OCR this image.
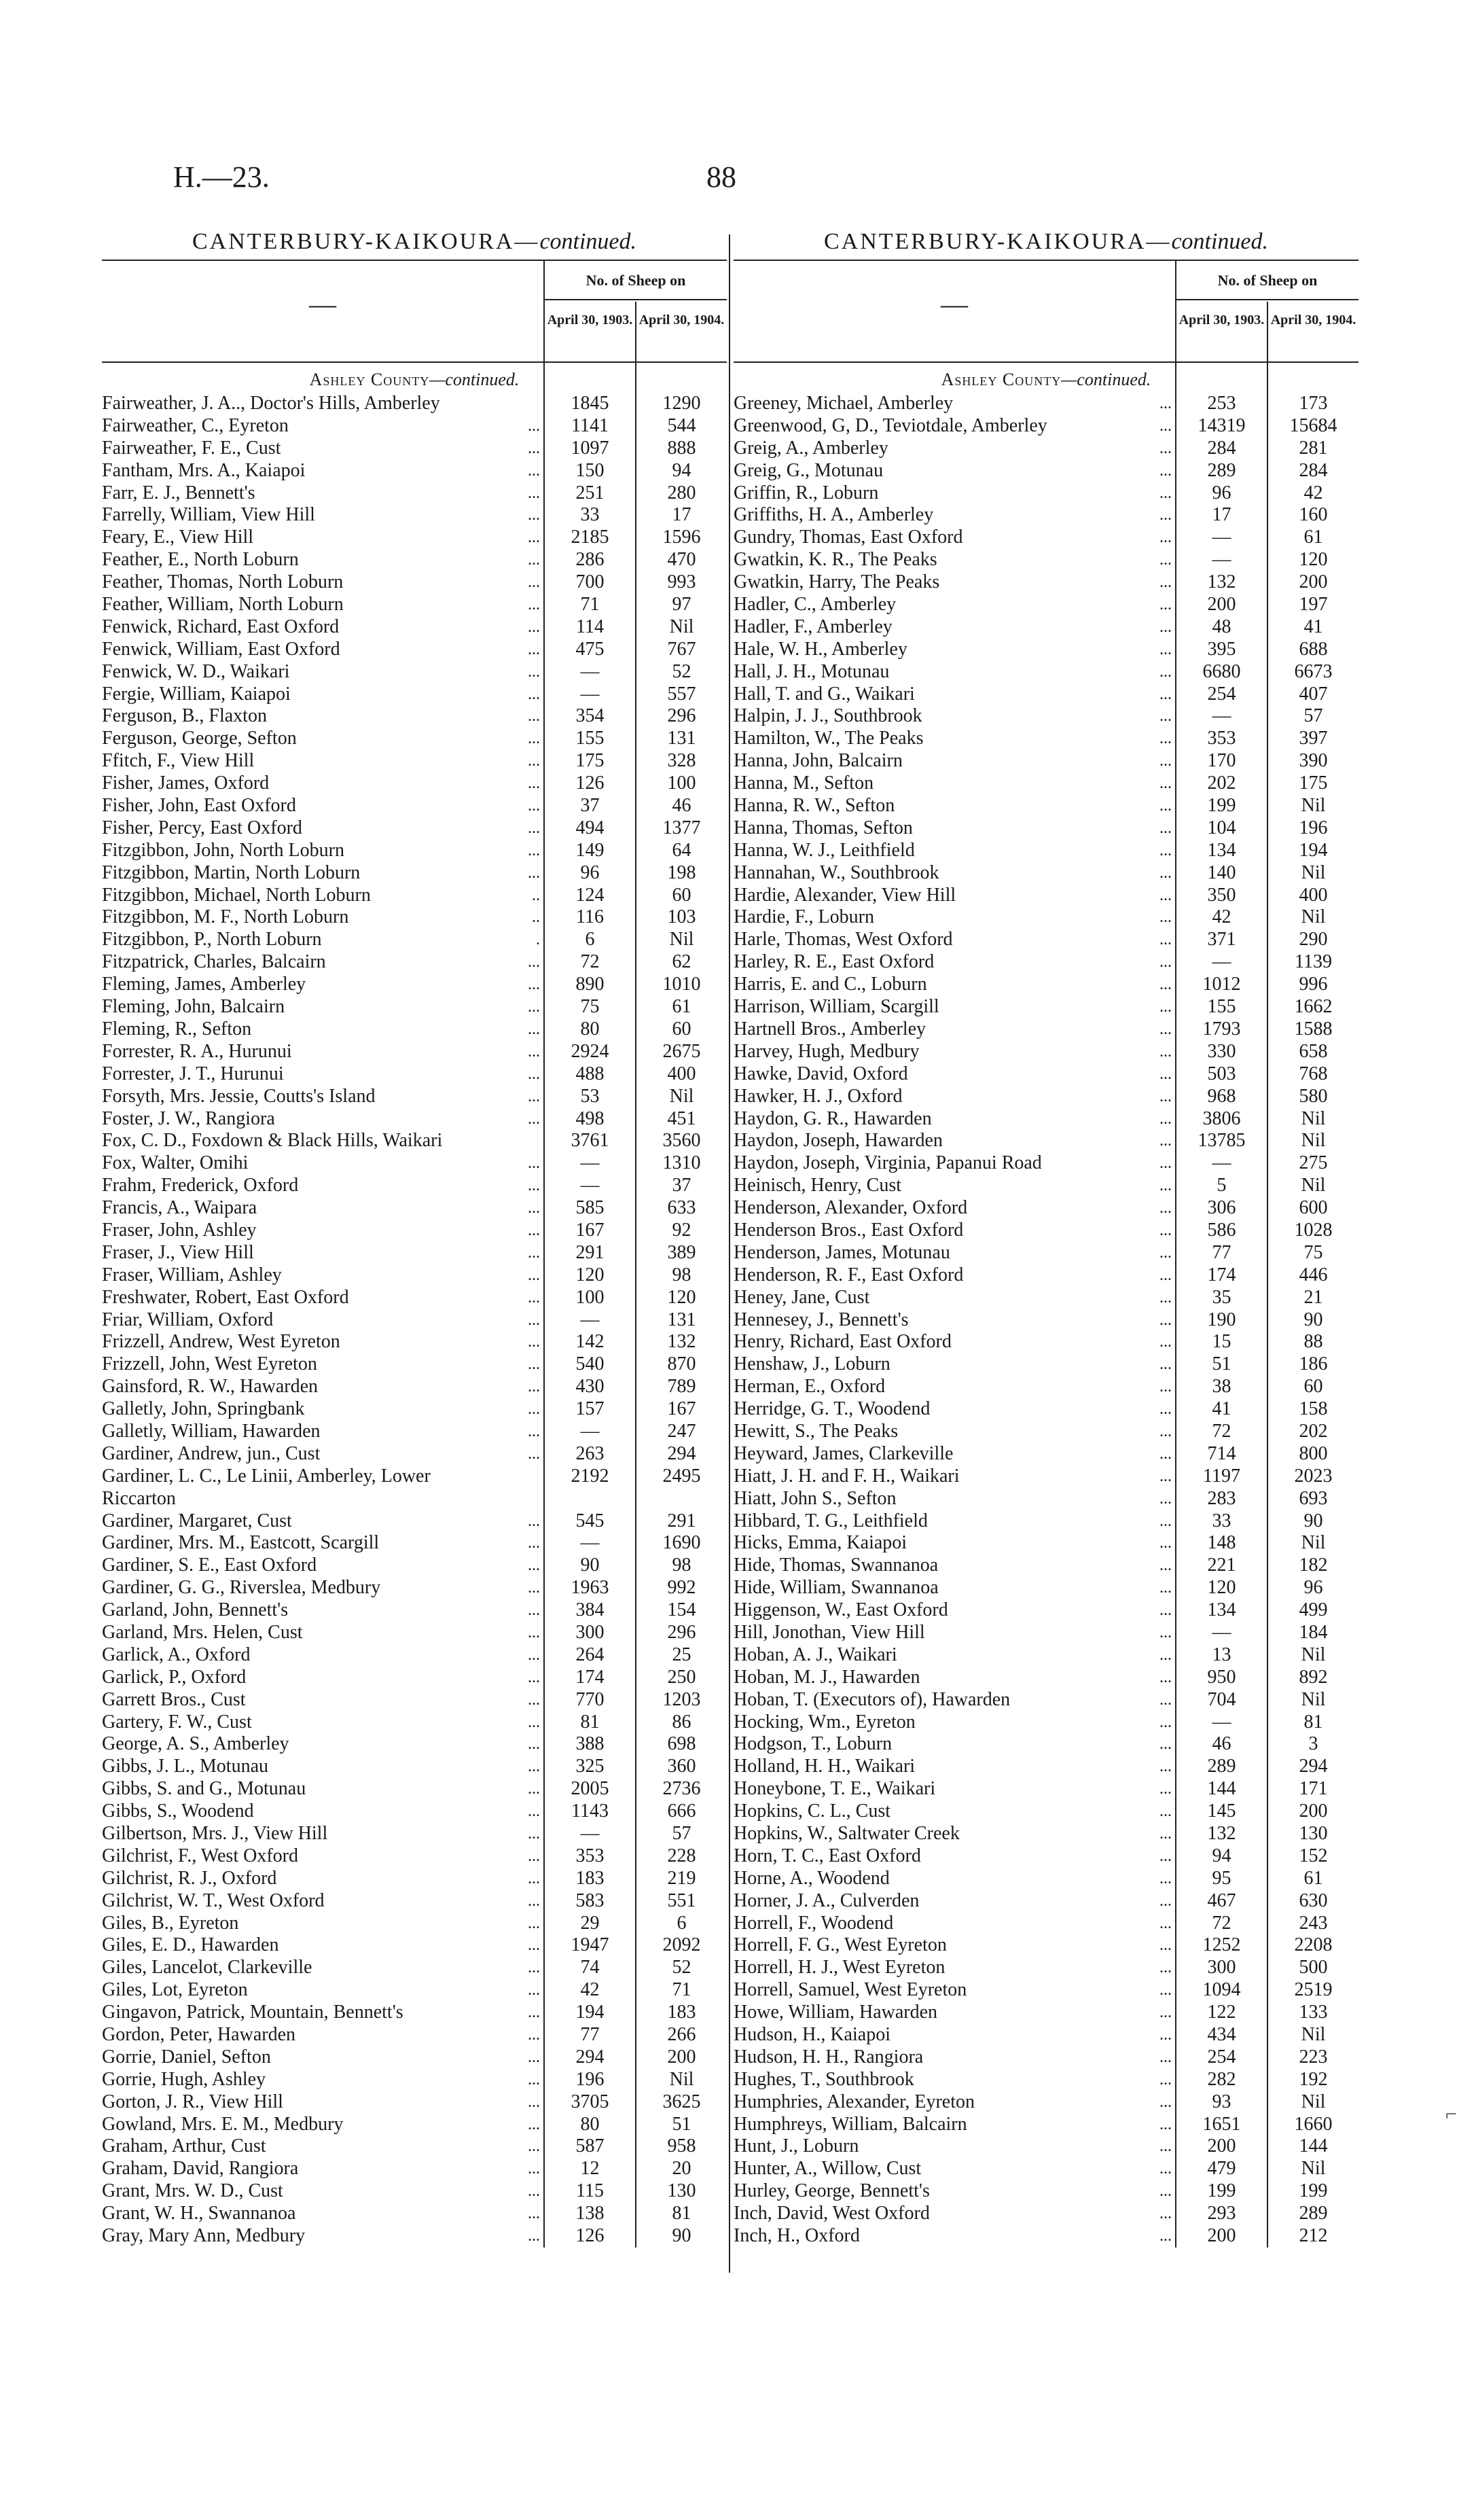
H.—23.	88
CANTERBURY-KAIKOURA—continued.
—
No. of Sheep on
April 30, 1903. April 30, 1904.
Ashley County—continued.
Fairweather, J. A.., Doctor's Hills, Amberley	1845	1290
Fairweather, C., Eyreton	...	1141	544
Fairweather, F. E., Cust	...	1097	888
Fantham, Mrs. A., Kaiapoi	...	150	94
Farr, E. J., Bennett's	...	251	280
Farrelly, William, View Hill	...	33	17
Feary, E., View Hill	...	2185	1596
Feather, E., North Loburn	...	286	470
Feather, Thomas, North Loburn	...	700	993
Feather, William, North Loburn	...	71	97
Fenwick, Richard, East Oxford	...	114	Nil
Fenwick, William, East Oxford	...	475	767
Fenwick, W. D., Waikari	...	—	52
Fergie, William, Kaiapoi	...	—	557
Ferguson, B., Flaxton	...	354	296
Ferguson, George, Sefton	...	155	131
Ffitch, F., View Hill	...	175	328
Fisher, James, Oxford	...	126	100
Fisher, John, East Oxford	...	37	46
Fisher, Percy, East Oxford	...	494	1377
Fitzgibbon, John, North Loburn	...	149	64
Fitzgibbon, Martin, North Loburn	...	96	198
Fitzgibbon, Michael, North Loburn	..	124	60
Fitzgibbon, M. F., North Loburn	..	116	103
Fitzgibbon, P., North Loburn	.	6	Nil
Fitzpatrick, Charles, Balcairn	...	72	62
Fleming, James, Amberley	...	890	1010
Fleming, John, Balcairn	...	75	61
Fleming, R., Sefton	...	80	60
Forrester, R. A., Hurunui	...	2924	2675
Forrester, J. T., Hurunui	...	488	400
Forsyth, Mrs. Jessie, Coutts's Island	...	53	Nil
Foster, J. W., Rangiora	...	498	451
Fox, C. D., Foxdown & Black Hills, Waikari	3761	3560
Fox, Walter, Omihi	...	—	1310
Frahm, Frederick, Oxford	...	—	37
Francis, A., Waipara	...	585	633
Fraser, John, Ashley	...	167	92
Fraser, J., View Hill	...	291	389
Fraser, William, Ashley	...	120	98
Freshwater, Robert, East Oxford	...	100	120
Friar, William, Oxford	...	—	131
Frizzell, Andrew, West Eyreton	...	142	132
Frizzell, John, West Eyreton	...	540	870
Gainsford, R. W., Hawarden	...	430	789
Galletly, John, Springbank	...	157	167
Galletly, William, Hawarden	...	—	247
Gardiner, Andrew, jun., Cust	...	263	294
Gardiner, L. C., Le Linii, Amberley, Lower	2192	2495
Riccarton
Gardiner, Margaret, Cust	...	545	291
Gardiner, Mrs. M., Eastcott, Scargill	...	—	1690
Gardiner, S. E., East Oxford	...	90	98
Gardiner, G. G., Riverslea, Medbury	...	1963	992
Garland, John, Bennett's	...	384	154
Garland, Mrs. Helen, Cust	...	300	296
Garlick, A., Oxford	...	264	25
Garlick, P., Oxford	...	174	250
Garrett Bros., Cust	...	770	1203
Gartery, F. W., Cust	...	81	86
George, A. S., Amberley	...	388	698
Gibbs, J. L., Motunau	...	325	360
Gibbs, S. and G., Motunau	...	2005	2736
Gibbs, S., Woodend	...	1143	666
Gilbertson, Mrs. J., View Hill	...	—	57
Gilchrist, F., West Oxford	...	353	228
Gilchrist, R. J., Oxford	...	183	219
Gilchrist, W. T., West Oxford	...	583	551
Giles, B., Eyreton	...	29	6
Giles, E. D., Hawarden	...	1947	2092
Giles, Lancelot, Clarkeville	...	74	52
Giles, Lot, Eyreton	...	42	71
Gingavon, Patrick, Mountain, Bennett's	...	194	183
Gordon, Peter, Hawarden	...	77	266
Gorrie, Daniel, Sefton	...	294	200
Gorrie, Hugh, Ashley	...	196	Nil
Gorton, J. R., View Hill	...	3705	3625
Gowland, Mrs. E. M., Medbury	...	80	51
Graham, Arthur, Cust	...	587	958
Graham, David, Rangiora	...	12	20
Grant, Mrs. W. D., Cust	...	115	130
Grant, W. H., Swannanoa	...	138	81
Gray, Mary Ann, Medbury	...	126	90
CANTERBURY-KAIKOURA—continued.
—
No. of Sheep on
April 30, 1903. April 30, 1904.
Ashley County—continued.
Greeney, Michael, Amberley	...	253	173
Greenwood, G, D., Teviotdale, Amberley	...	14319	15684
Greig, A., Amberley	...	284	281
Greig, G., Motunau	...	289	284
Griffin, R., Loburn	...	96	42
Griffiths, H. A., Amberley	...	17	160
Gundry, Thomas, East Oxford	...	—	61
Gwatkin, K. R., The Peaks	...	—	120
Gwatkin, Harry, The Peaks	...	132	200
Hadler, C., Amberley	...	200	197
Hadler, F., Amberley	...	48	41
Hale, W. H., Amberley	...	395	688
Hall, J. H., Motunau	...	6680	6673
Hall, T. and G., Waikari	...	254	407
Halpin, J. J., Southbrook	...	—	57
Hamilton, W., The Peaks	...	353	397
Hanna, John, Balcairn	...	170	390
Hanna, M., Sefton	...	202	175
Hanna, R. W., Sefton	...	199	Nil
Hanna, Thomas, Sefton	...	104	196
Hanna, W. J., Leithfield	...	134	194
Hannahan, W., Southbrook	...	140	Nil
Hardie, Alexander, View Hill	...	350	400
Hardie, F., Loburn	...	42	Nil
Harle, Thomas, West Oxford	...	371	290
Harley, R. E., East Oxford	...	—	1139
Harris, E. and C., Loburn	...	1012	996
Harrison, William, Scargill	...	155	1662
Hartnell Bros., Amberley	...	1793	1588
Harvey, Hugh, Medbury	...	330	658
Hawke, David, Oxford	...	503	768
Hawker, H. J., Oxford	...	968	580
Haydon, G. R., Hawarden	...	3806	Nil
Haydon, Joseph, Hawarden	...	13785	Nil
Haydon, Joseph, Virginia, Papanui Road	...	—	275
Heinisch, Henry, Cust	...	5	Nil
Henderson, Alexander, Oxford	...	306	600
Henderson Bros., East Oxford	...	586	1028
Henderson, James, Motunau	...	77	75
Henderson, R. F., East Oxford	...	174	446
Heney, Jane, Cust	...	35	21
Hennesey, J., Bennett's	...	190	90
Henry, Richard, East Oxford	...	15	88
Henshaw, J., Loburn	...	51	186
Herman, E., Oxford	...	38	60
Herridge, G. T., Woodend	...	41	158
Hewitt, S., The Peaks	...	72	202
Heyward, James, Clarkeville	...	714	800
Hiatt, J. H. and F. H., Waikari	...	1197	2023
Hiatt, John S., Sefton	...	283	693
Hibbard, T. G., Leithfield	...	33	90
Hicks, Emma, Kaiapoi	...	148	Nil
Hide, Thomas, Swannanoa	...	221	182
Hide, William, Swannanoa	...	120	96
Higgenson, W., East Oxford	...	134	499
Hill, Jonothan, View Hill	...	—	184
Hoban, A. J., Waikari	...	13	Nil
Hoban, M. J., Hawarden	...	950	892
Hoban, T. (Executors of), Hawarden	...	704	Nil
Hocking, Wm., Eyreton	...	—	81
Hodgson, T., Loburn	...	46	3
Holland, H. H., Waikari	...	289	294
Honeybone, T. E., Waikari	...	144	171
Hopkins, C. L., Cust	...	145	200
Hopkins, W., Saltwater Creek	...	132	130
Horn, T. C., East Oxford	...	94	152
Horne, A., Woodend	...	95	61
Horner, J. A., Culverden	...	467	630
Horrell, F., Woodend	...	72	243
Horrell, F. G., West Eyreton	...	1252	2208
Horrell, H. J., West Eyreton	...	300	500
Horrell, Samuel, West Eyreton	...	1094	2519
Howe, William, Hawarden	...	122	133
Hudson, H., Kaiapoi	...	434	Nil
Hudson, H. H., Rangiora	...	254	223
Hughes, T., Southbrook	...	282	192
Humphries, Alexander, Eyreton	...	93	Nil
Humphreys, William, Balcairn	...	1651	1660
Hunt, J., Loburn	...	200	144
Hunter, A., Willow, Cust	...	479	Nil
Hurley, George, Bennett's	...	199	199
Inch, David, West Oxford	...	293	289
Inch, H., Oxford	...	200	212
⌐
